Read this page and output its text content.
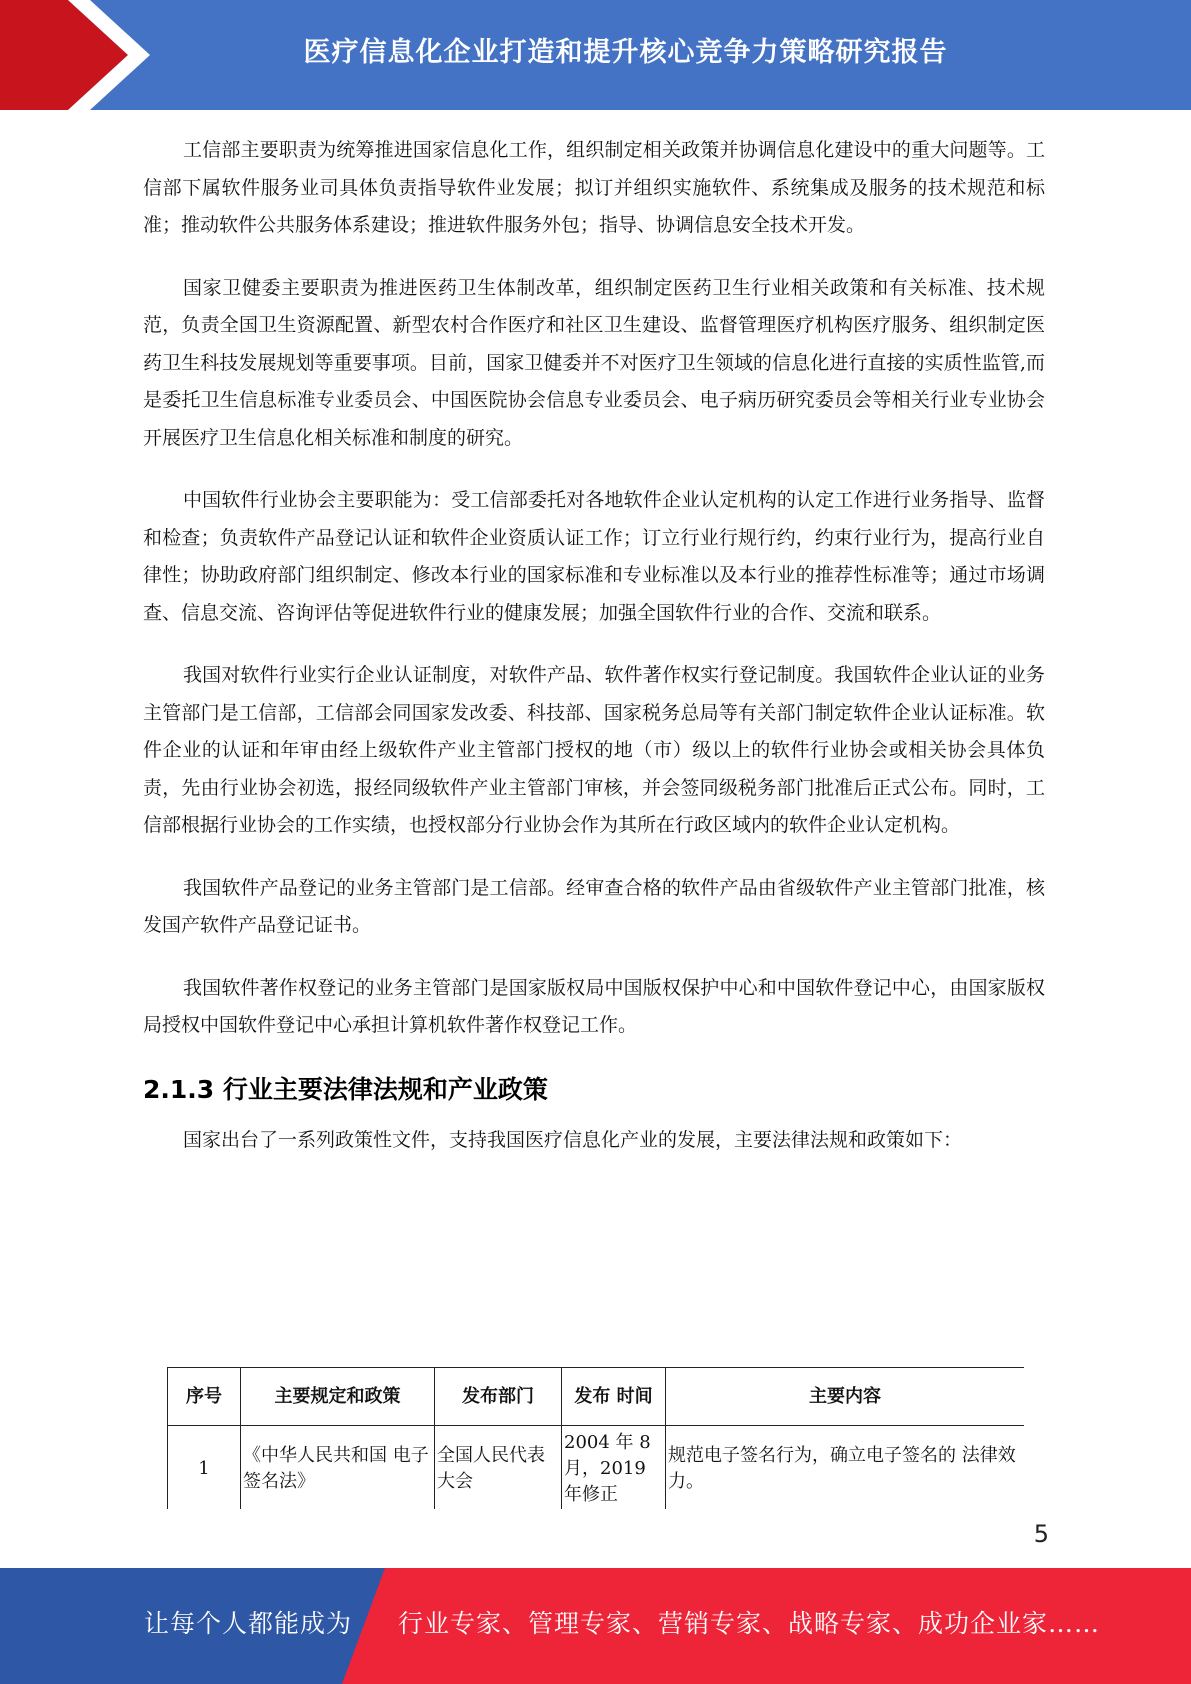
医疗信息化企业打造和提升核心竞争力策略研究报告

工信部主要职责为统筹推进国家信息化工作，组织制定相关政策并协调信息化建设中的重大问题等。工信部下属软件服务业司具体负责指导软件业发展；拟订并组织实施软件、系统集成及服务的技术规范和标准；推动软件公共服务体系建设；推进软件服务外包；指导、协调信息安全技术开发。

国家卫健委主要职责为推进医药卫生体制改革，组织制定医药卫生行业相关政策和有关标准、技术规范，负责全国卫生资源配置、新型农村合作医疗和社区卫生建设、监督管理医疗机构医疗服务、组织制定医药卫生科技发展规划等重要事项。目前，国家卫健委并不对医疗卫生领域的信息化进行直接的实质性监管,而是委托卫生信息标准专业委员会、中国医院协会信息专业委员会、电子病历研究委员会等相关行业专业协会开展医疗卫生信息化相关标准和制度的研究。

中国软件行业协会主要职能为：受工信部委托对各地软件企业认定机构的认定工作进行业务指导、监督和检查；负责软件产品登记认证和软件企业资质认证工作；订立行业行规行约，约束行业行为，提高行业自律性；协助政府部门组织制定、修改本行业的国家标准和专业标准以及本行业的推荐性标准等；通过市场调查、信息交流、咨询评估等促进软件行业的健康发展；加强全国软件行业的合作、交流和联系。

我国对软件行业实行企业认证制度，对软件产品、软件著作权实行登记制度。我国软件企业认证的业务主管部门是工信部，工信部会同国家发改委、科技部、国家税务总局等有关部门制定软件企业认证标准。软件企业的认证和年审由经上级软件产业主管部门授权的地（市）级以上的软件行业协会或相关协会具体负责，先由行业协会初选，报经同级软件产业主管部门审核，并会签同级税务部门批准后正式公布。同时，工信部根据行业协会的工作实绩，也授权部分行业协会作为其所在行政区域内的软件企业认定机构。

我国软件产品登记的业务主管部门是工信部。经审查合格的软件产品由省级软件产业主管部门批准，核发国产软件产品登记证书。

我国软件著作权登记的业务主管部门是国家版权局中国版权保护中心和中国软件登记中心，由国家版权局授权中国软件登记中心承担计算机软件著作权登记工作。

2.1.3 行业主要法律法规和产业政策

国家出台了一系列政策性文件，支持我国医疗信息化产业的发展，主要法律法规和政策如下：

序号	主要规定和政策	发布部门	发布 时间	主要内容
1	《中华人民共和国 电子签名法》	全国人民代表大会	2004 年 8 月，2019 年修正	规范电子签名行为，确立电子签名的 法律效力。
5
让每个人都能成为 行业专家、管理专家、营销专家、战略专家、成功企业家……
